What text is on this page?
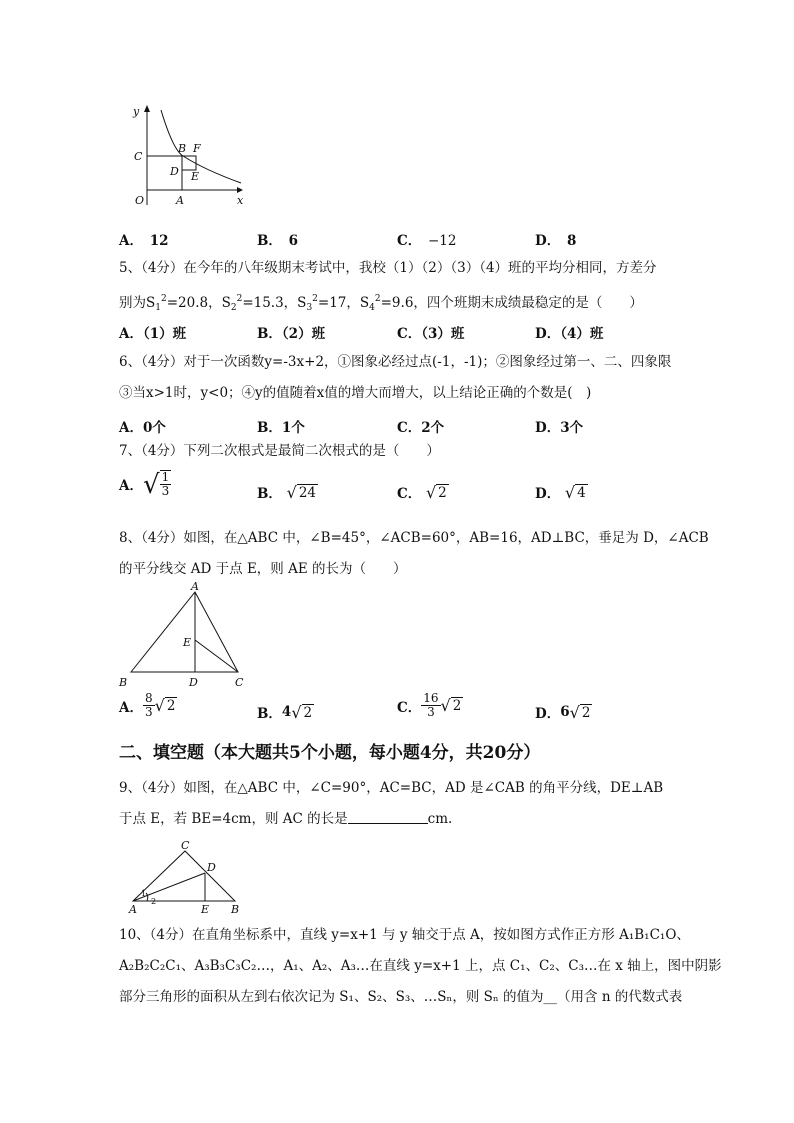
y
x
O
C
B F
D E
A
A．　 12	B．　 6	C．　 −12	D．　 8
5、（4分）在今年的八年级期末考试中，我校（1）（2）（3）（4）班的平均分相同，方差分
别为$S_1^2=20.8$，$S_2^2=15.3$，$S_3^2=17$，$S_4^2=9.6$，四个班期末成绩最稳定的是（　　）
A．（1）班	B．（2）班	C．（3）班	D．（4）班
6、（4分）对于一次函数y=-3x+2，①图象必经过点(-1，-1)；②图象经过第一、二、四象限
③当x>1时，y<0；④y的值随着x值的增大而增大，以上结论正确的个数是(　)
A．0个	B．1个	C．2个	D．3个
7、（4分）下列二次根式是最简二次根式的是（　　）
A． √ $\frac{1}{3}$	B． √ 24	C． √ 2	D． √ 4
8、（4分）如图，在△ABC 中，∠B=45°，∠ACB=60°，AB=16，AD⊥BC，垂足为 D，∠ACB
的平分线交 AD 于点 E，则 AE 的长为（　　）
A
E
B	D	C
A． $\frac{8}{3}$ √ 2	B． 4 √ 2	C． $\frac{16}{3}$ √ 2	D． 6 √ 2
二、填空题（本大题共5个小题，每小题4分，共20分）
9、（4分）如图，在△ABC 中，∠C=90°，AC=BC，AD 是∠CAB 的角平分线，DE⊥AB
于点 E，若 BE=4cm，则 AC 的长是	cm.
C
D
A	E B
1
2
10、（4分）在直角坐标系中，直线 y=x+1 与 y 轴交于点 A，按如图方式作正方形 A₁B₁C₁O、
A₂B₂C₂C₁、A₃B₃C₃C₂…，A₁、A₂、A₃…在直线 y=x+1 上，点 C₁、C₂、C₃…在 x 轴上，图中阴影
部分三角形的面积从左到右依次记为 S₁、S₂、S₃、…Sₙ，则 Sₙ 的值为__（用含 n 的代数式表
